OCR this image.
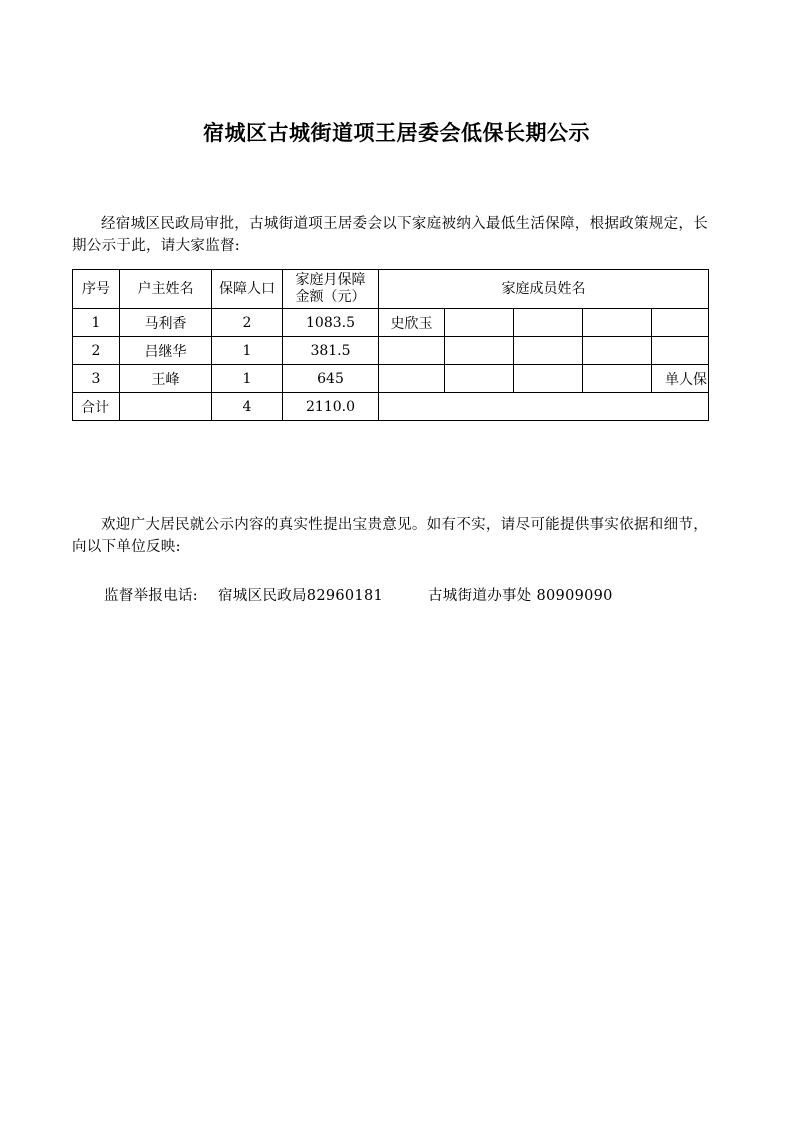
宿城区古城街道项王居委会低保长期公示
经宿城区民政局审批，古城街道项王居委会以下家庭被纳入最低生活保障，根据政策规定，长期公示于此，请大家监督:
序号	户主姓名	保障人口	家庭月保障
金额（元）	家庭成员姓名				
1	马利香	2	1083.5	史欣玉				
2	吕继华	1	381.5					
3	王峰	1	645					单人保
合计		4	2110.0					
欢迎广大居民就公示内容的真实性提出宝贵意见。如有不实，请尽可能提供事实依据和细节，向以下单位反映:
监督举报电话: 宿城区民政局82960181	古城街道办事处 80909090
